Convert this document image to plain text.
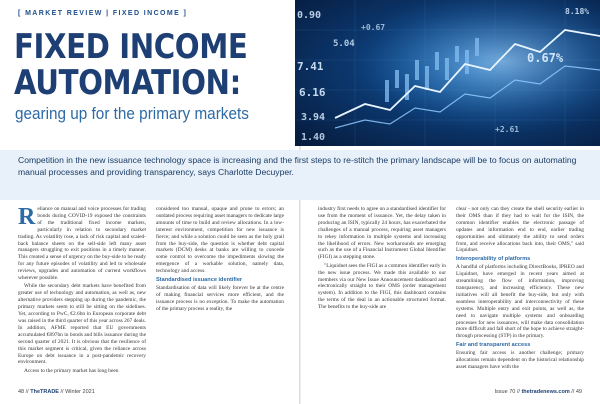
[ MARKET REVIEW | FIXED INCOME ]
FIXED INCOME
AUTOMATION:
gearing up for the primary markets
0.90
+0.67
5.04
0.67%
8.18%
7.41
6.16
3.94
1.40
+2.61
Competition in the new issuance technology space is increasing and the first steps to re-stitch the primary landscape will be to focus on automating manual processes and providing transparency, says Charlotte Decuyper.

Reliance on manual and voice processes for trading bonds during COVID-19 exposed the constraints of the traditional fixed income markets, particularly in relation to secondary market trading. As volatility rose, a lack of risk capital and scaled-back balance sheets on the sell-side left many asset managers struggling to exit positions in a timely manner. This created a sense of urgency on the buy-side to be ready for any future episodes of volatility and led to wholesale reviews, upgrades and automation of current workflows wherever possible.

While the secondary debt markets have benefited from greater use of technology and automation, as well as, new alternative providers stepping up during the pandemic, the primary markets seem to still be sitting on the sidelines. Yet, according to PwC, €2.6bn in European corporate debt was raised in the third quarter of this year across 267 deals. In addition, AFME reported that EU governments accumulated €897bn in bonds and bills issuance during the second quarter of 2021. It is obvious that the resilience of this market segment is critical, given the reliance across Europe on debt issuance in a post-pandemic recovery environment.

Access to the primary market has long been

considered too manual, opaque and prone to errors; an outdated process requiring asset managers to dedicate large amounts of time to build and review allocations. In a low-interest environment, competition for new issuance is fierce; and while a solution could be seen as the holy grail from the buy-side, the question is whether debt capital markets (DCM) desks at banks are willing to concede some control to overcome the impediments slowing the emergence of a workable solution, namely data, technology and access.

Standardised issuance identifier

Standardisation of data will likely forever be at the centre of making financial services more efficient, and the issuance process is no exception. To make the automation of the primary process a reality, the

industry first needs to agree on a standardised identifier for use from the moment of issuance. Yet, the delay taken in producing an ISIN, typically 24 hours, has exacerbated the challenges of a manual process, requiring asset managers to rekey information in multiple systems and increasing the likelihood of errors. New workarounds are emerging such as the use of a Financial Instrument Global Identifier (FIGI) as a stepping stone.

"Liquidnet sees the FIGI as a common identifier early in the new issue process. We made this available to our members via our New Issue Announcement dashboard and electronically straight to their OMS (order management system). In addition to the FIGI, this dashboard contains the terms of the deal in an actionable structured format. The benefits to the buy-side are

clear - not only can they create the shell security earlier in their OMS than if they had to wait for the ISIN, the common identifier enables the electronic passage of updates and information end to end, earlier trading opportunities and ultimately the ability to send orders from, and receive allocations back into, their OMS," said Liquidnet.

Interoperability of platforms

A handful of platforms including DirectBooks, IPREO and Liquidnet, have emerged in recent years aimed at streamlining the flow of information, improving transparency, and increasing efficiency. These new initiatives will all benefit the buy-side, but only with seamless interoperability and interconnectivity of these systems. Multiple entry and exit points, as well as, the need to navigate multiple systems and onboarding processes for new issuances, will make data consolidation more difficult and fall short of the hope to achieve straight-through processing (STP) in the primary.

Fair and transparent access

Ensuring fair access is another challenge; primary allocations remain dependent on the historical relationship asset managers have with the

48 // TheTRADE // Winter 2021	Issue 70 // thetradenews.com // 49
